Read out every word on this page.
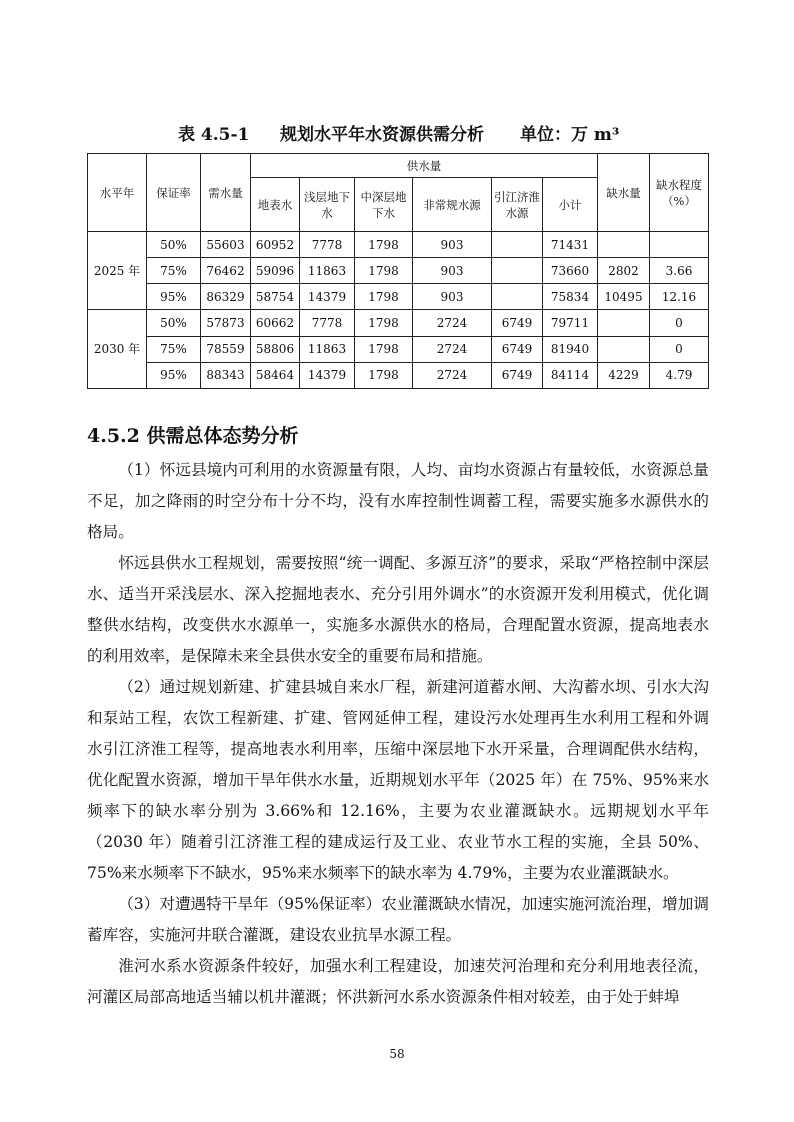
表 4.5-1 规划水平年水资源供需分析 单位：万 m³
水平年	保证率	需水量	供水量						缺水量	缺水程度（%）
			地表水	浅层地下水	中深层地下水	非常规水源	引江济淮水源	小计		
2025 年	50%	55603	60952	7778	1798	903		71431		
	75%	76462	59096	11863	1798	903		73660	2802	3.66
	95%	86329	58754	14379	1798	903		75834	10495	12.16
2030 年	50%	57873	60662	7778	1798	2724	6749	79711		0
	75%	78559	58806	11863	1798	2724	6749	81940		0
	95%	88343	58464	14379	1798	2724	6749	84114	4229	4.79
4.5.2 供需总体态势分析

（1）怀远县境内可利用的水资源量有限，人均、亩均水资源占有量较低，水资源总量不足，加之降雨的时空分布十分不均，没有水库控制性调蓄工程，需要实施多水源供水的格局。

怀远县供水工程规划，需要按照“统一调配、多源互济”的要求，采取“严格控制中深层水、适当开采浅层水、深入挖掘地表水、充分引用外调水”的水资源开发利用模式，优化调整供水结构，改变供水水源单一，实施多水源供水的格局，合理配置水资源，提高地表水的利用效率，是保障未来全县供水安全的重要布局和措施。

（2）通过规划新建、扩建县城自来水厂程，新建河道蓄水闸、大沟蓄水坝、引水大沟和泵站工程，农饮工程新建、扩建、管网延伸工程，建设污水处理再生水利用工程和外调水引江济淮工程等，提高地表水利用率，压缩中深层地下水开采量，合理调配供水结构，优化配置水资源，增加干旱年供水水量，近期规划水平年（2025 年）在 75%、95%来水频率下的缺水率分别为 3.66%和 12.16%，主要为农业灌溉缺水。远期规划水平年（2030 年）随着引江济淮工程的建成运行及工业、农业节水工程的实施，全县 50%、75%来水频率下不缺水，95%来水频率下的缺水率为 4.79%，主要为农业灌溉缺水。

（3）对遭遇特干旱年（95%保证率）农业灌溉缺水情况，加速实施河流治理，增加调蓄库容，实施河井联合灌溉，建设农业抗旱水源工程。

淮河水系水资源条件较好，加强水利工程建设，加速芡河治理和充分利用地表径流，河灌区局部高地适当辅以机井灌溉；怀洪新河水系水资源条件相对较差，由于处于蚌埠

58
